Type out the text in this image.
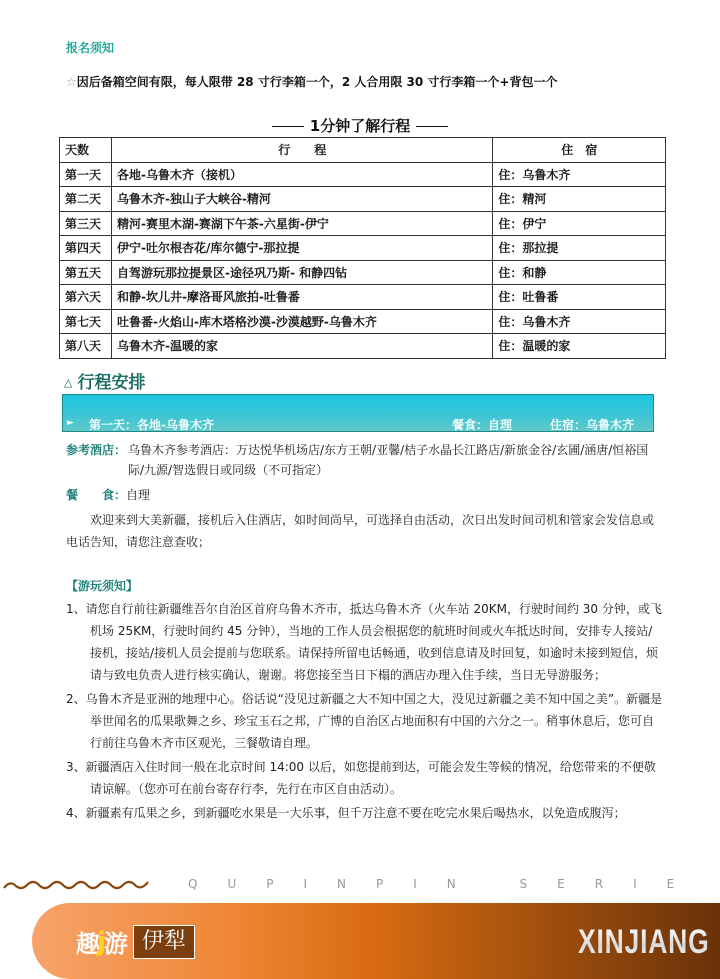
报名须知
☆因后备箱空间有限，每人限带 28 寸行李箱一个，2 人合用限 30 寸行李箱一个+背包一个
1分钟了解行程
天数	行　　程	住　宿
第一天	各地-乌鲁木齐（接机）	住：乌鲁木齐
第二天	乌鲁木齐-独山子大峡谷-精河	住：精河
第三天	精河-赛里木湖-赛湖下午茶-六星街-伊宁	住：伊宁
第四天	伊宁-吐尔根杏花/库尔德宁-那拉提	住：那拉提
第五天	自驾游玩那拉提景区-途径巩乃斯- 和静四钻	住：和静
第六天	和静-坎儿井-摩洛哥风旅拍-吐鲁番	住：吐鲁番
第七天	吐鲁番-火焰山-库木塔格沙漠-沙漠越野-乌鲁木齐	住：乌鲁木齐
第八天	乌鲁木齐-温暖的家	住：温暖的家
△ 行程安排
► 第一天：各地-乌鲁木齐	餐食：自理	住宿：乌鲁木齐
参考酒店： 乌鲁木齐参考酒店：万达悦华机场店/东方王朝/亚馨/桔子水晶长江路店/新旅金谷/玄圃/涵唐/恒裕国际/九源/智选假日或同级（不可指定）
餐　　食：自理

欢迎来到大美新疆，接机后入住酒店，如时间尚早，可选择自由活动，次日出发时间司机和管家会发信息或电话告知，请您注意查收；

【游玩须知】
1、请您自行前往新疆维吾尔自治区首府乌鲁木齐市，抵达乌鲁木齐（火车站 20KM，行驶时间约 30 分钟，或飞机场 25KM，行驶时间约 45 分钟），当地的工作人员会根据您的航班时间或火车抵达时间，安排专人接站/接机，接站/接机人员会提前与您联系。请保持所留电话畅通，收到信息请及时回复，如逾时未接到短信，烦请与致电负责人进行核实确认，谢谢。将您接至当日下榻的酒店办理入住手续，当日无导游服务；
2、乌鲁木齐是亚洲的地理中心。俗话说“没见过新疆之大不知中国之大，没见过新疆之美不知中国之美”。新疆是举世闻名的瓜果歌舞之乡、珍宝玉石之邦，广博的自治区占地面积有中国的六分之一。稍事休息后，您可自行前往乌鲁木齐市区观光，三餐敬请自理。
3、新疆酒店入住时间一般在北京时间 14:00 以后，如您提前到达，可能会发生等候的情况，给您带来的不便敬请谅解。（您亦可在前台寄存行李，先行在市区自由活动）。
4、新疆素有瓜果之乡，到新疆吃水果是一大乐事，但千万注意不要在吃完水果后喝热水，以免造成腹泻；
QUPINPIN SERIE
趣
j
游 伊犁	XINJIANG
